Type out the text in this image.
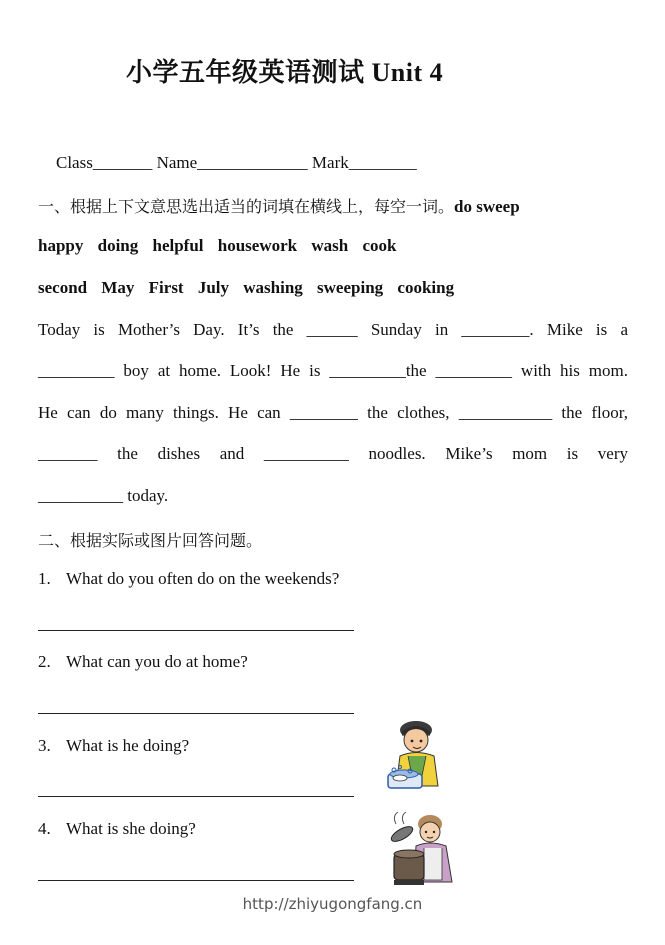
小学五年级英语测试 Unit 4
Class_______ Name_____________ Mark________
一、根据上下文意思选出适当的词填在横线上，每空一词。do sweep
happy doing helpful housework wash cook
second May First July washing sweeping cooking
Today is Mother’s Day. It’s the ______ Sunday in ________. Mike is a
_________ boy at home. Look! He is _________the _________ with his mom.
He can do many things. He can ________ the clothes, ___________ the floor,
_______ the dishes and __________ noodles. Mike’s mom is very
__________ today.
二、根据实际或图片回答问题。
1. What do you often do on the weekends?
2. What can you do at home?
3. What is he doing?
4. What is she doing?
http://zhiyugongfang.cn
